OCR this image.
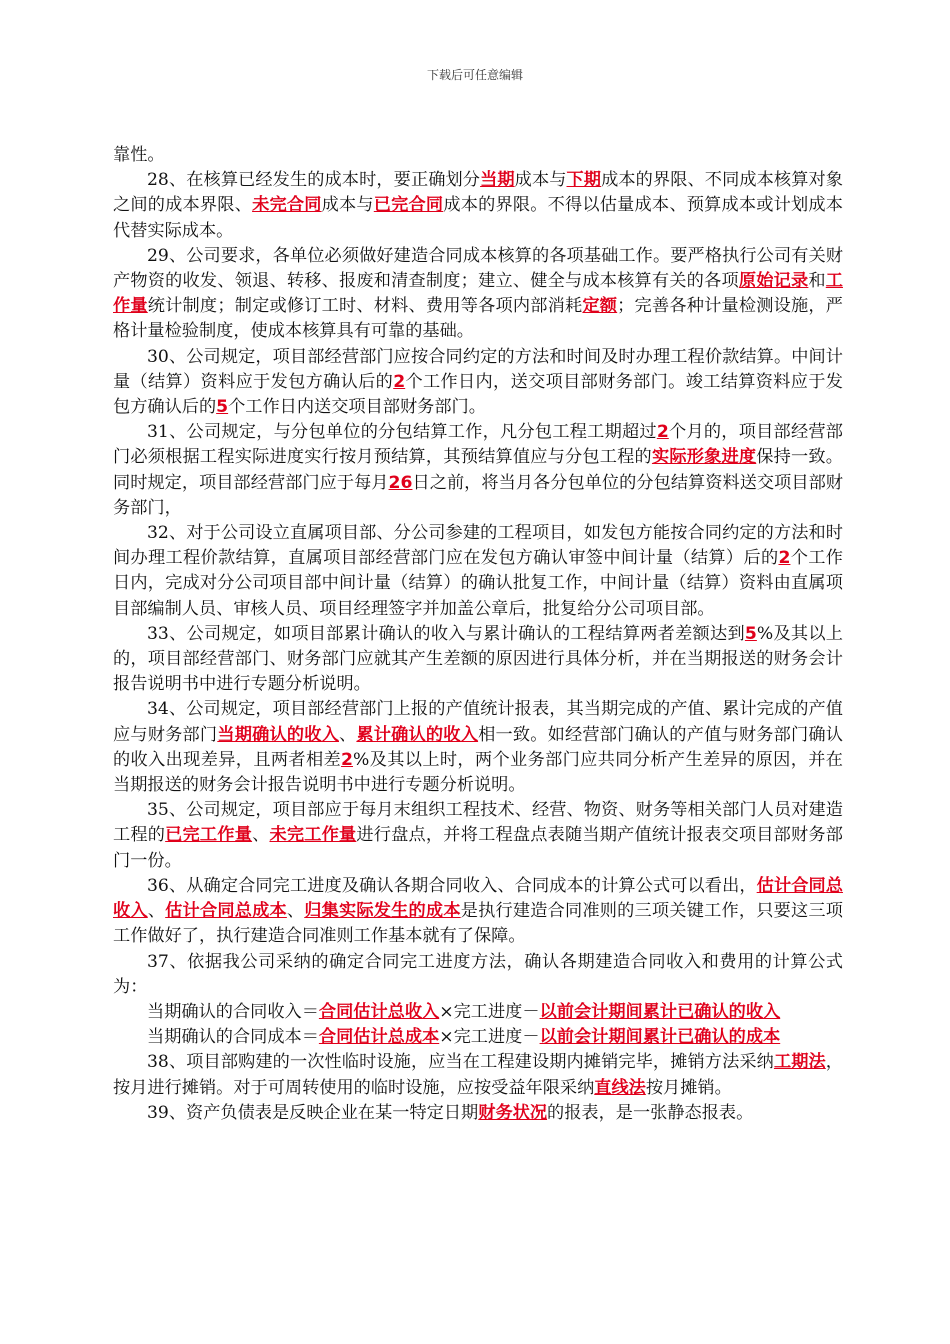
下载后可任意编辑

靠性。

28、在核算已经发生的成本时，要正确划分当期成本与下期成本的界限、不同成本核算对象之间的成本界限、未完合同成本与已完合同成本的界限。不得以估量成本、预算成本或计划成本代替实际成本。

29、公司要求，各单位必须做好建造合同成本核算的各项基础工作。要严格执行公司有关财产物资的收发、领退、转移、报废和清查制度；建立、健全与成本核算有关的各项原始记录和工作量统计制度；制定或修订工时、材料、费用等各项内部消耗定额；完善各种计量检测设施，严格计量检验制度，使成本核算具有可靠的基础。

30、公司规定，项目部经营部门应按合同约定的方法和时间及时办理工程价款结算。中间计量（结算）资料应于发包方确认后的2个工作日内，送交项目部财务部门。竣工结算资料应于发包方确认后的5个工作日内送交项目部财务部门。

31、公司规定，与分包单位的分包结算工作，凡分包工程工期超过2个月的，项目部经营部门必须根据工程实际进度实行按月预结算，其预结算值应与分包工程的实际形象进度保持一致。同时规定，项目部经营部门应于每月26日之前，将当月各分包单位的分包结算资料送交项目部财务部门，

32、对于公司设立直属项目部、分公司参建的工程项目，如发包方能按合同约定的方法和时间办理工程价款结算，直属项目部经营部门应在发包方确认审签中间计量（结算）后的2个工作日内，完成对分公司项目部中间计量（结算）的确认批复工作，中间计量（结算）资料由直属项目部编制人员、审核人员、项目经理签字并加盖公章后，批复给分公司项目部。

33、公司规定，如项目部累计确认的收入与累计确认的工程结算两者差额达到5%及其以上的，项目部经营部门、财务部门应就其产生差额的原因进行具体分析，并在当期报送的财务会计报告说明书中进行专题分析说明。

34、公司规定，项目部经营部门上报的产值统计报表，其当期完成的产值、累计完成的产值应与财务部门当期确认的收入、累计确认的收入相一致。如经营部门确认的产值与财务部门确认的收入出现差异，且两者相差2%及其以上时，两个业务部门应共同分析产生差异的原因，并在当期报送的财务会计报告说明书中进行专题分析说明。

35、公司规定，项目部应于每月末组织工程技术、经营、物资、财务等相关部门人员对建造工程的已完工作量、未完工作量进行盘点，并将工程盘点表随当期产值统计报表交项目部财务部门一份。

36、从确定合同完工进度及确认各期合同收入、合同成本的计算公式可以看出，估计合同总收入、估计合同总成本、归集实际发生的成本是执行建造合同准则的三项关键工作，只要这三项工作做好了，执行建造合同准则工作基本就有了保障。

37、依据我公司采纳的确定合同完工进度方法，确认各期建造合同收入和费用的计算公式为：

当期确认的合同收入＝合同估计总收入×完工进度－以前会计期间累计已确认的收入

当期确认的合同成本＝合同估计总成本×完工进度－以前会计期间累计已确认的成本

38、项目部购建的一次性临时设施，应当在工程建设期内摊销完毕，摊销方法采纳工期法，按月进行摊销。对于可周转使用的临时设施，应按受益年限采纳直线法按月摊销。

39、资产负债表是反映企业在某一特定日期财务状况的报表，是一张静态报表。
